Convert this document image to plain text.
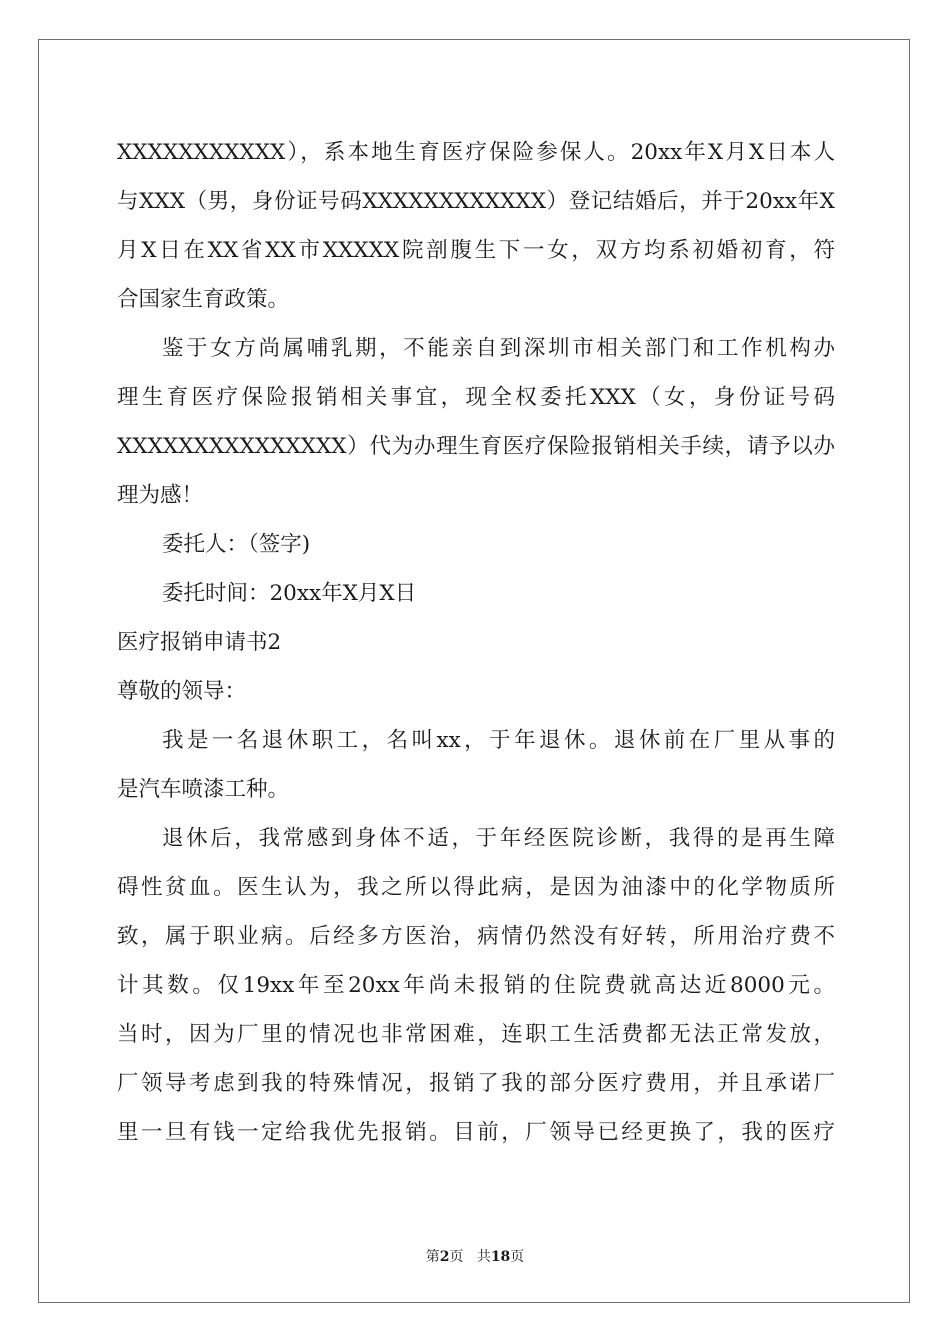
XXXXXXXXXXX），系本地生育医疗保险参保人。20xx年X月X日本人
与XXX（男，身份证号码XXXXXXXXXXXX）登记结婚后，并于20xx年X
月X日在XX省XX市XXXXX院剖腹生下一女，双方均系初婚初育，符
合国家生育政策。
鉴于女方尚属哺乳期，不能亲自到深圳市相关部门和工作机构办
理生育医疗保险报销相关事宜，现全权委托XXX（女，身份证号码
XXXXXXXXXXXXXXX）代为办理生育医疗保险报销相关手续，请予以办
理为感！
委托人：（签字)
委托时间：20xx年X月X日
医疗报销申请书2
尊敬的领导：
我是一名退休职工，名叫xx，于年退休。退休前在厂里从事的
是汽车喷漆工种。
退休后，我常感到身体不适，于年经医院诊断，我得的是再生障
碍性贫血。医生认为，我之所以得此病，是因为油漆中的化学物质所
致，属于职业病。后经多方医治，病情仍然没有好转，所用治疗费不
计其数。仅19xx年至20xx年尚未报销的住院费就高达近8000元。
当时，因为厂里的情况也非常困难，连职工生活费都无法正常发放，
厂领导考虑到我的特殊情况，报销了我的部分医疗费用，并且承诺厂
里一旦有钱一定给我优先报销。目前，厂领导已经更换了，我的医疗
第2页 共18页
